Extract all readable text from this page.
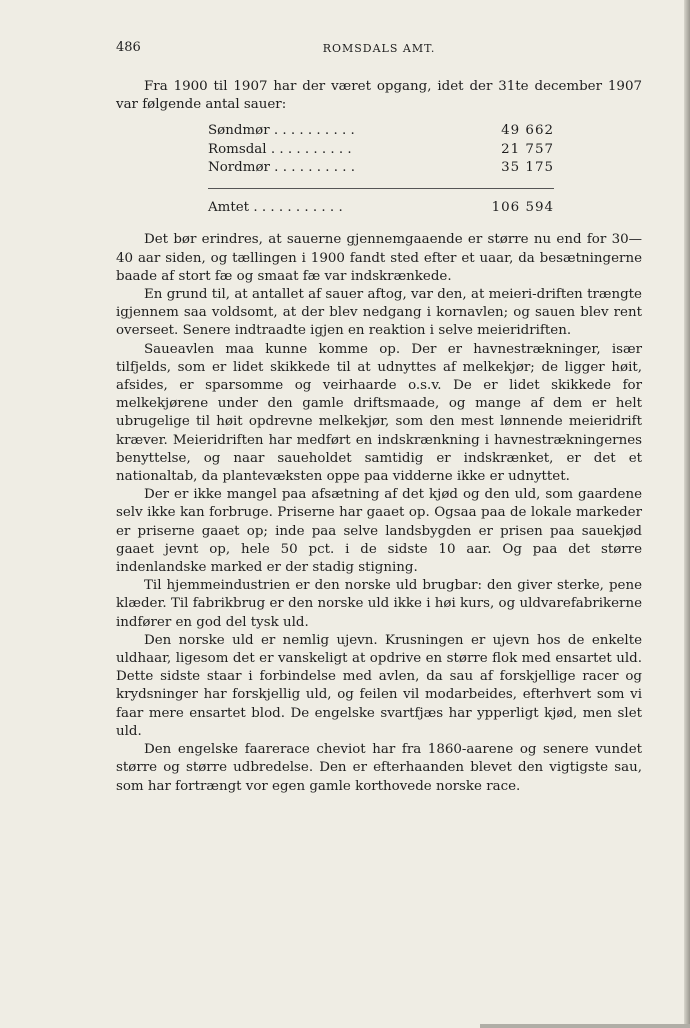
486	ROMSDALS AMT.

Fra 1900 til 1907 har der været opgang, idet der 31te december 1907 var følgende antal sauer:

Søndmør . . . . . . . . . .	49 662
Romsdal . . . . . . . . . .	21 757
Nordmør . . . . . . . . . .	35 175
Amtet . . . . . . . . . . .	106 594

Det bør erindres, at sauerne gjennemgaaende er større nu end for 30—40 aar siden, og tællingen i 1900 fandt sted efter et uaar, da besætningerne baade af stort fæ og smaat fæ var indskrænkede.

En grund til, at antallet af sauer aftog, var den, at meieri-driften trængte igjennem saa voldsomt, at der blev nedgang i kornavlen; og sauen blev rent overseet. Senere indtraadte igjen en reaktion i selve meieridriften.

Saueavlen maa kunne komme op. Der er havnestrækninger, især tilfjelds, som er lidet skikkede til at udnyttes af melkekjør; de ligger høit, afsides, er sparsomme og veirhaarde o.s.v. De er lidet skikkede for melkekjørene under den gamle driftsmaade, og mange af dem er helt ubrugelige til høit opdrevne melkekjør, som den mest lønnende meieridrift kræver. Meieridriften har medført en indskrænkning i havnestrækningernes benyttelse, og naar saueholdet samtidig er indskrænket, er det et nationaltab, da plantevæksten oppe paa vidderne ikke er udnyttet.

Der er ikke mangel paa afsætning af det kjød og den uld, som gaardene selv ikke kan forbruge. Priserne har gaaet op. Ogsaa paa de lokale markeder er priserne gaaet op; inde paa selve landsbygden er prisen paa sauekjød gaaet jevnt op, hele 50 pct. i de sidste 10 aar. Og paa det større indenlandske marked er der stadig stigning.

Til hjemmeindustrien er den norske uld brugbar: den giver sterke, pene klæder. Til fabrikbrug er den norske uld ikke i høi kurs, og uldvarefabrikerne indfører en god del tysk uld.

Den norske uld er nemlig ujevn. Krusningen er ujevn hos de enkelte uldhaar, ligesom det er vanskeligt at opdrive en større flok med ensartet uld. Dette sidste staar i forbindelse med avlen, da sau af forskjellige racer og krydsninger har forskjellig uld, og feilen vil modarbeides, efterhvert som vi faar mere ensartet blod. De engelske svartfjæs har ypperligt kjød, men slet uld.

Den engelske faarerace cheviot har fra 1860-aarene og senere vundet større og større udbredelse. Den er efterhaanden blevet den vigtigste sau, som har fortrængt vor egen gamle korthovede norske race.
